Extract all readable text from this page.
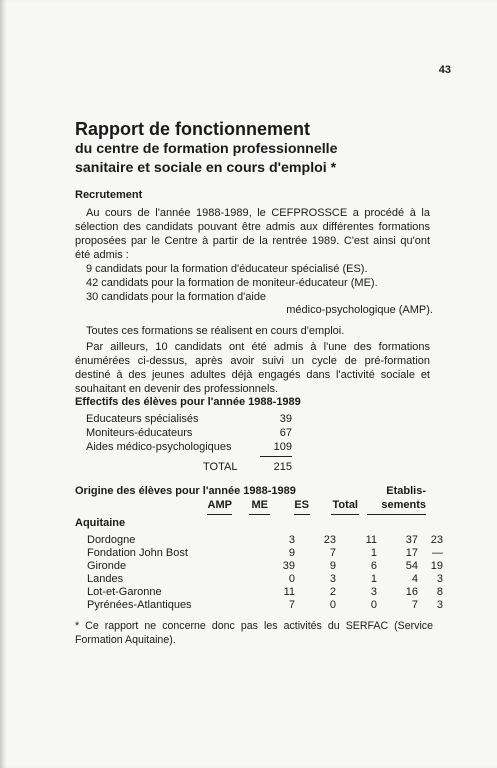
43
Rapport de fonctionnement
du centre de formation professionnelle
sanitaire et sociale en cours d'emploi *
Recrutement
Au cours de l'année 1988-1989, le CEFPROSSCE a procédé à la sélection des candidats pouvant être admis aux différentes formations proposées par le Centre à partir de la rentrée 1989. C'est ainsi qu'ont été admis :
9 candidats pour la formation d'éducateur spécialisé (ES).
42 candidats pour la formation de moniteur-éducateur (ME).
30 candidats pour la formation d'aide
médico-psychologique (AMP).
Toutes ces formations se réalisent en cours d'emploi.
Par ailleurs, 10 candidats ont été admis à l'une des formations énumérées ci-dessus, après avoir suivi un cycle de pré-formation destiné à des jeunes adultes déjà engagés dans l'activité sociale et souhaitant en devenir des professionnels.
Effectifs des élèves pour l'année 1988-1989
Educateurs spécialisés	39
Moniteurs-éducateurs	67
Aides médico-psychologiques	109
TOTAL	215
Origine des élèves pour l'année 1988-1989	Etablis-
sements
AMP ME ES Total
Aquitaine
Dordogne	3	23	11	37	23
Fondation John Bost	9	7	1	17	—
Gironde	39	9	6	54	19
Landes	0	3	1	4	3
Lot-et-Garonne	11	2	3	16	8
Pyrénées-Atlantiques	7	0	0	7	3
* Ce rapport ne concerne donc pas les activités du SERFAC (Service Formation Aquitaine).
